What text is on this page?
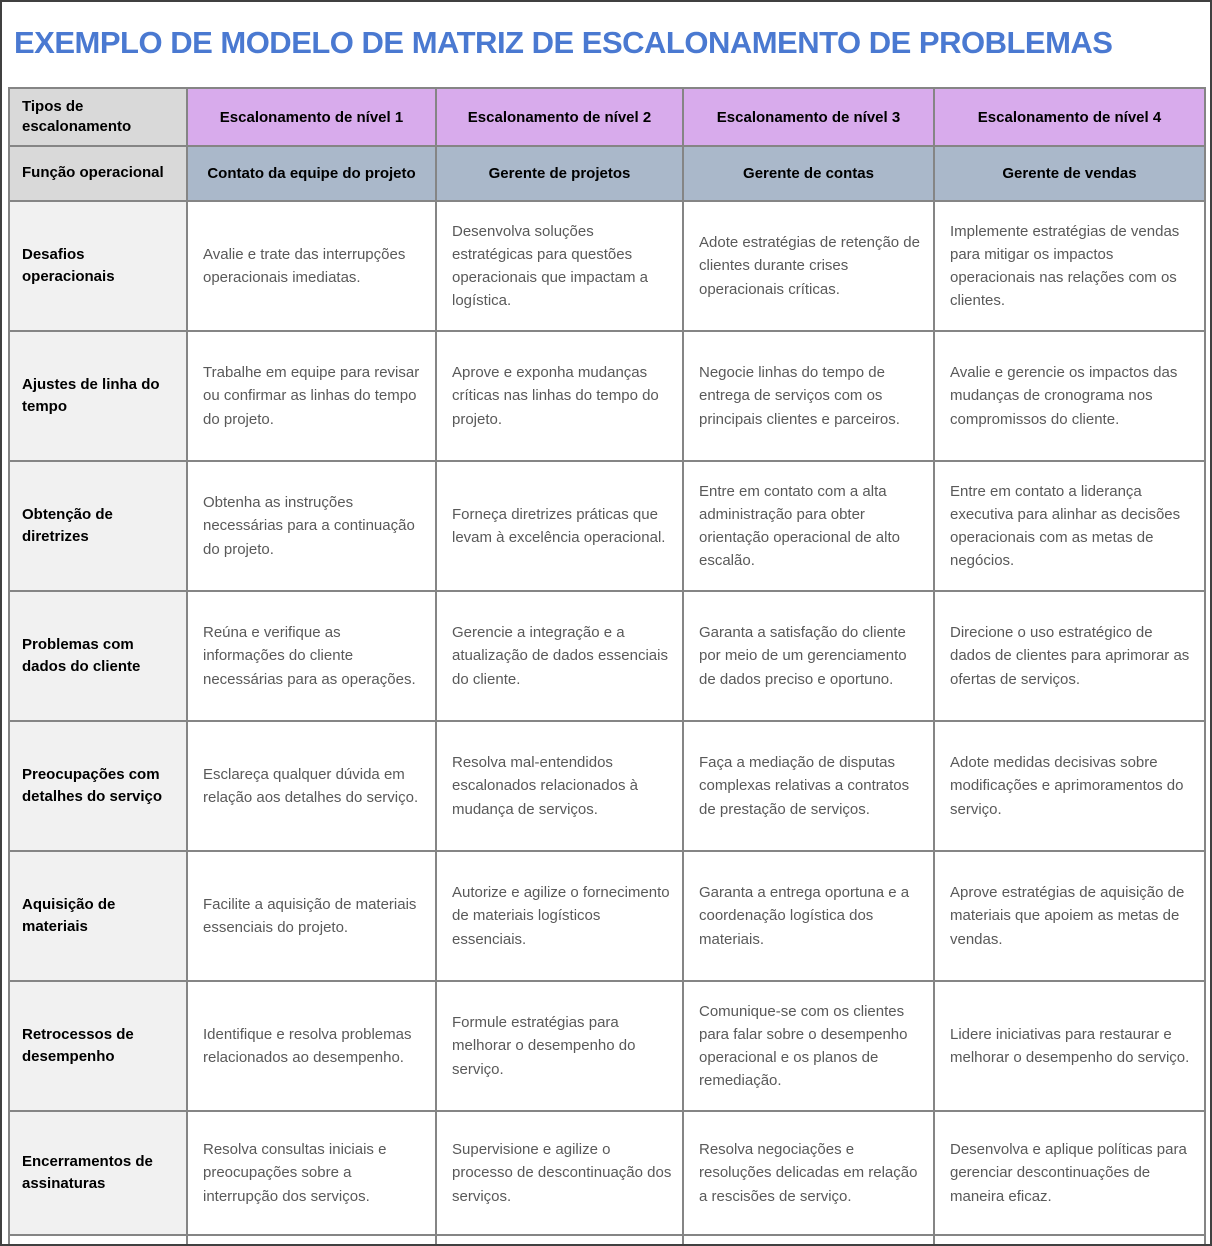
EXEMPLO DE MODELO DE MATRIZ DE ESCALONAMENTO DE PROBLEMAS
Tipos de escalonamento	Escalonamento de nível 1	Escalonamento de nível 2	Escalonamento de nível 3	Escalonamento de nível 4
Função operacional	Contato da equipe do projeto	Gerente de projetos	Gerente de contas	Gerente de vendas
Desafios operacionais	Avalie e trate das interrupções operacionais imediatas.	Desenvolva soluções estratégicas para questões operacionais que impactam a logística.	Adote estratégias de retenção de clientes durante crises operacionais críticas.	Implemente estratégias de vendas para mitigar os impactos operacionais nas relações com os clientes.
Ajustes de linha do tempo	Trabalhe em equipe para revisar ou confirmar as linhas do tempo do projeto.	Aprove e exponha mudanças críticas nas linhas do tempo do projeto.	Negocie linhas do tempo de entrega de serviços com os principais clientes e parceiros.	Avalie e gerencie os impactos das mudanças de cronograma nos compromissos do cliente.
Obtenção de diretrizes	Obtenha as instruções necessárias para a continuação do projeto.	Forneça diretrizes práticas que levam à excelência operacional.	Entre em contato com a alta administração para obter orientação operacional de alto escalão.	Entre em contato a liderança executiva para alinhar as decisões operacionais com as metas de negócios.
Problemas com dados do cliente	Reúna e verifique as informações do cliente necessárias para as operações.	Gerencie a integração e a atualização de dados essenciais do cliente.	Garanta a satisfação do cliente por meio de um gerenciamento de dados preciso e oportuno.	Direcione o uso estratégico de dados de clientes para aprimorar as ofertas de serviços.
Preocupações com detalhes do serviço	Esclareça qualquer dúvida em relação aos detalhes do serviço.	Resolva mal-entendidos escalonados relacionados à mudança de serviços.	Faça a mediação de disputas complexas relativas a contratos de prestação de serviços.	Adote medidas decisivas sobre modificações e aprimoramentos do serviço.
Aquisição de materiais	Facilite a aquisição de materiais essenciais do projeto.	Autorize e agilize o fornecimento de materiais logísticos essenciais.	Garanta a entrega oportuna e a coordenação logística dos materiais.	Aprove estratégias de aquisição de materiais que apoiem as metas de vendas.
Retrocessos de desempenho	Identifique e resolva problemas relacionados ao desempenho.	Formule estratégias para melhorar o desempenho do serviço.	Comunique-se com os clientes para falar sobre o desempenho operacional e os planos de remediação.	Lidere iniciativas para restaurar e melhorar o desempenho do serviço.
Encerramentos de assinaturas	Resolva consultas iniciais e preocupações sobre a interrupção dos serviços.	Supervisione e agilize o processo de descontinuação dos serviços.	Resolva negociações e resoluções delicadas em relação a rescisões de serviço.	Desenvolva e aplique políticas para gerenciar descontinuações de maneira eficaz.
